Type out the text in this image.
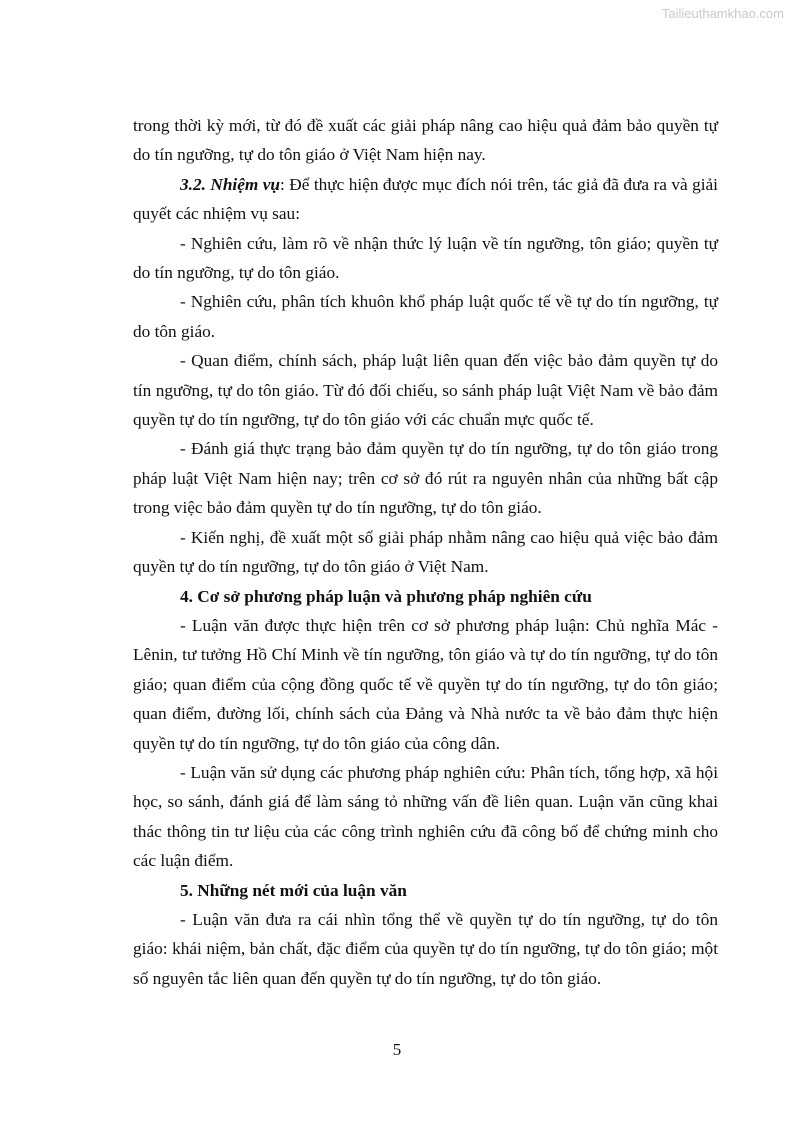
Tailieuthamkhao.com

trong thời kỳ mới, từ đó đề xuất các giải pháp nâng cao hiệu quả đảm bảo quyền tự do tín ngưỡng, tự do tôn giáo ở Việt Nam hiện nay.

3.2. Nhiệm vụ: Để thực hiện được mục đích nói trên, tác giả đã đưa ra và giải quyết các nhiệm vụ sau:

- Nghiên cứu, làm rõ về nhận thức lý luận về tín ngưỡng, tôn giáo; quyền tự do tín ngưỡng, tự do tôn giáo.

- Nghiên cứu, phân tích khuôn khổ pháp luật quốc tế về tự do tín ngưỡng, tự do tôn giáo.

- Quan điểm, chính sách, pháp luật liên quan đến việc bảo đảm quyền tự do tín ngưỡng, tự do tôn giáo. Từ đó đối chiếu, so sánh pháp luật Việt Nam về bảo đảm quyền tự do tín ngưỡng, tự do tôn giáo với các chuẩn mực quốc tế.

- Đánh giá thực trạng bảo đảm quyền tự do tín ngưỡng, tự do tôn giáo trong pháp luật Việt Nam hiện nay; trên cơ sở đó rút ra nguyên nhân của những bất cập trong việc bảo đảm quyền tự do tín ngưỡng, tự do tôn giáo.

- Kiến nghị, đề xuất một số giải pháp nhằm nâng cao hiệu quả việc bảo đảm quyền tự do tín ngưỡng, tự do tôn giáo ở Việt Nam.

4. Cơ sở phương pháp luận và phương pháp nghiên cứu

- Luận văn được thực hiện trên cơ sở phương pháp luận: Chủ nghĩa Mác - Lênin, tư tưởng Hồ Chí Minh về tín ngưỡng, tôn giáo và tự do tín ngưỡng, tự do tôn giáo; quan điểm của cộng đồng quốc tế về quyền tự do tín ngưỡng, tự do tôn giáo; quan điểm, đường lối, chính sách của Đảng và Nhà nước ta về bảo đảm thực hiện quyền tự do tín ngưỡng, tự do tôn giáo của công dân.

- Luận văn sử dụng các phương pháp nghiên cứu: Phân tích, tổng hợp, xã hội học, so sánh, đánh giá để làm sáng tỏ những vấn đề liên quan. Luận văn cũng khai thác thông tin tư liệu của các công trình nghiên cứu đã công bố để chứng minh cho các luận điểm.

5. Những nét mới của luận văn

- Luận văn đưa ra cái nhìn tổng thể về quyền tự do tín ngưỡng, tự do tôn giáo: khái niệm, bản chất, đặc điểm của quyền tự do tín ngưỡng, tự do tôn giáo; một số nguyên tắc liên quan đến quyền tự do tín ngưỡng, tự do tôn giáo.

5
